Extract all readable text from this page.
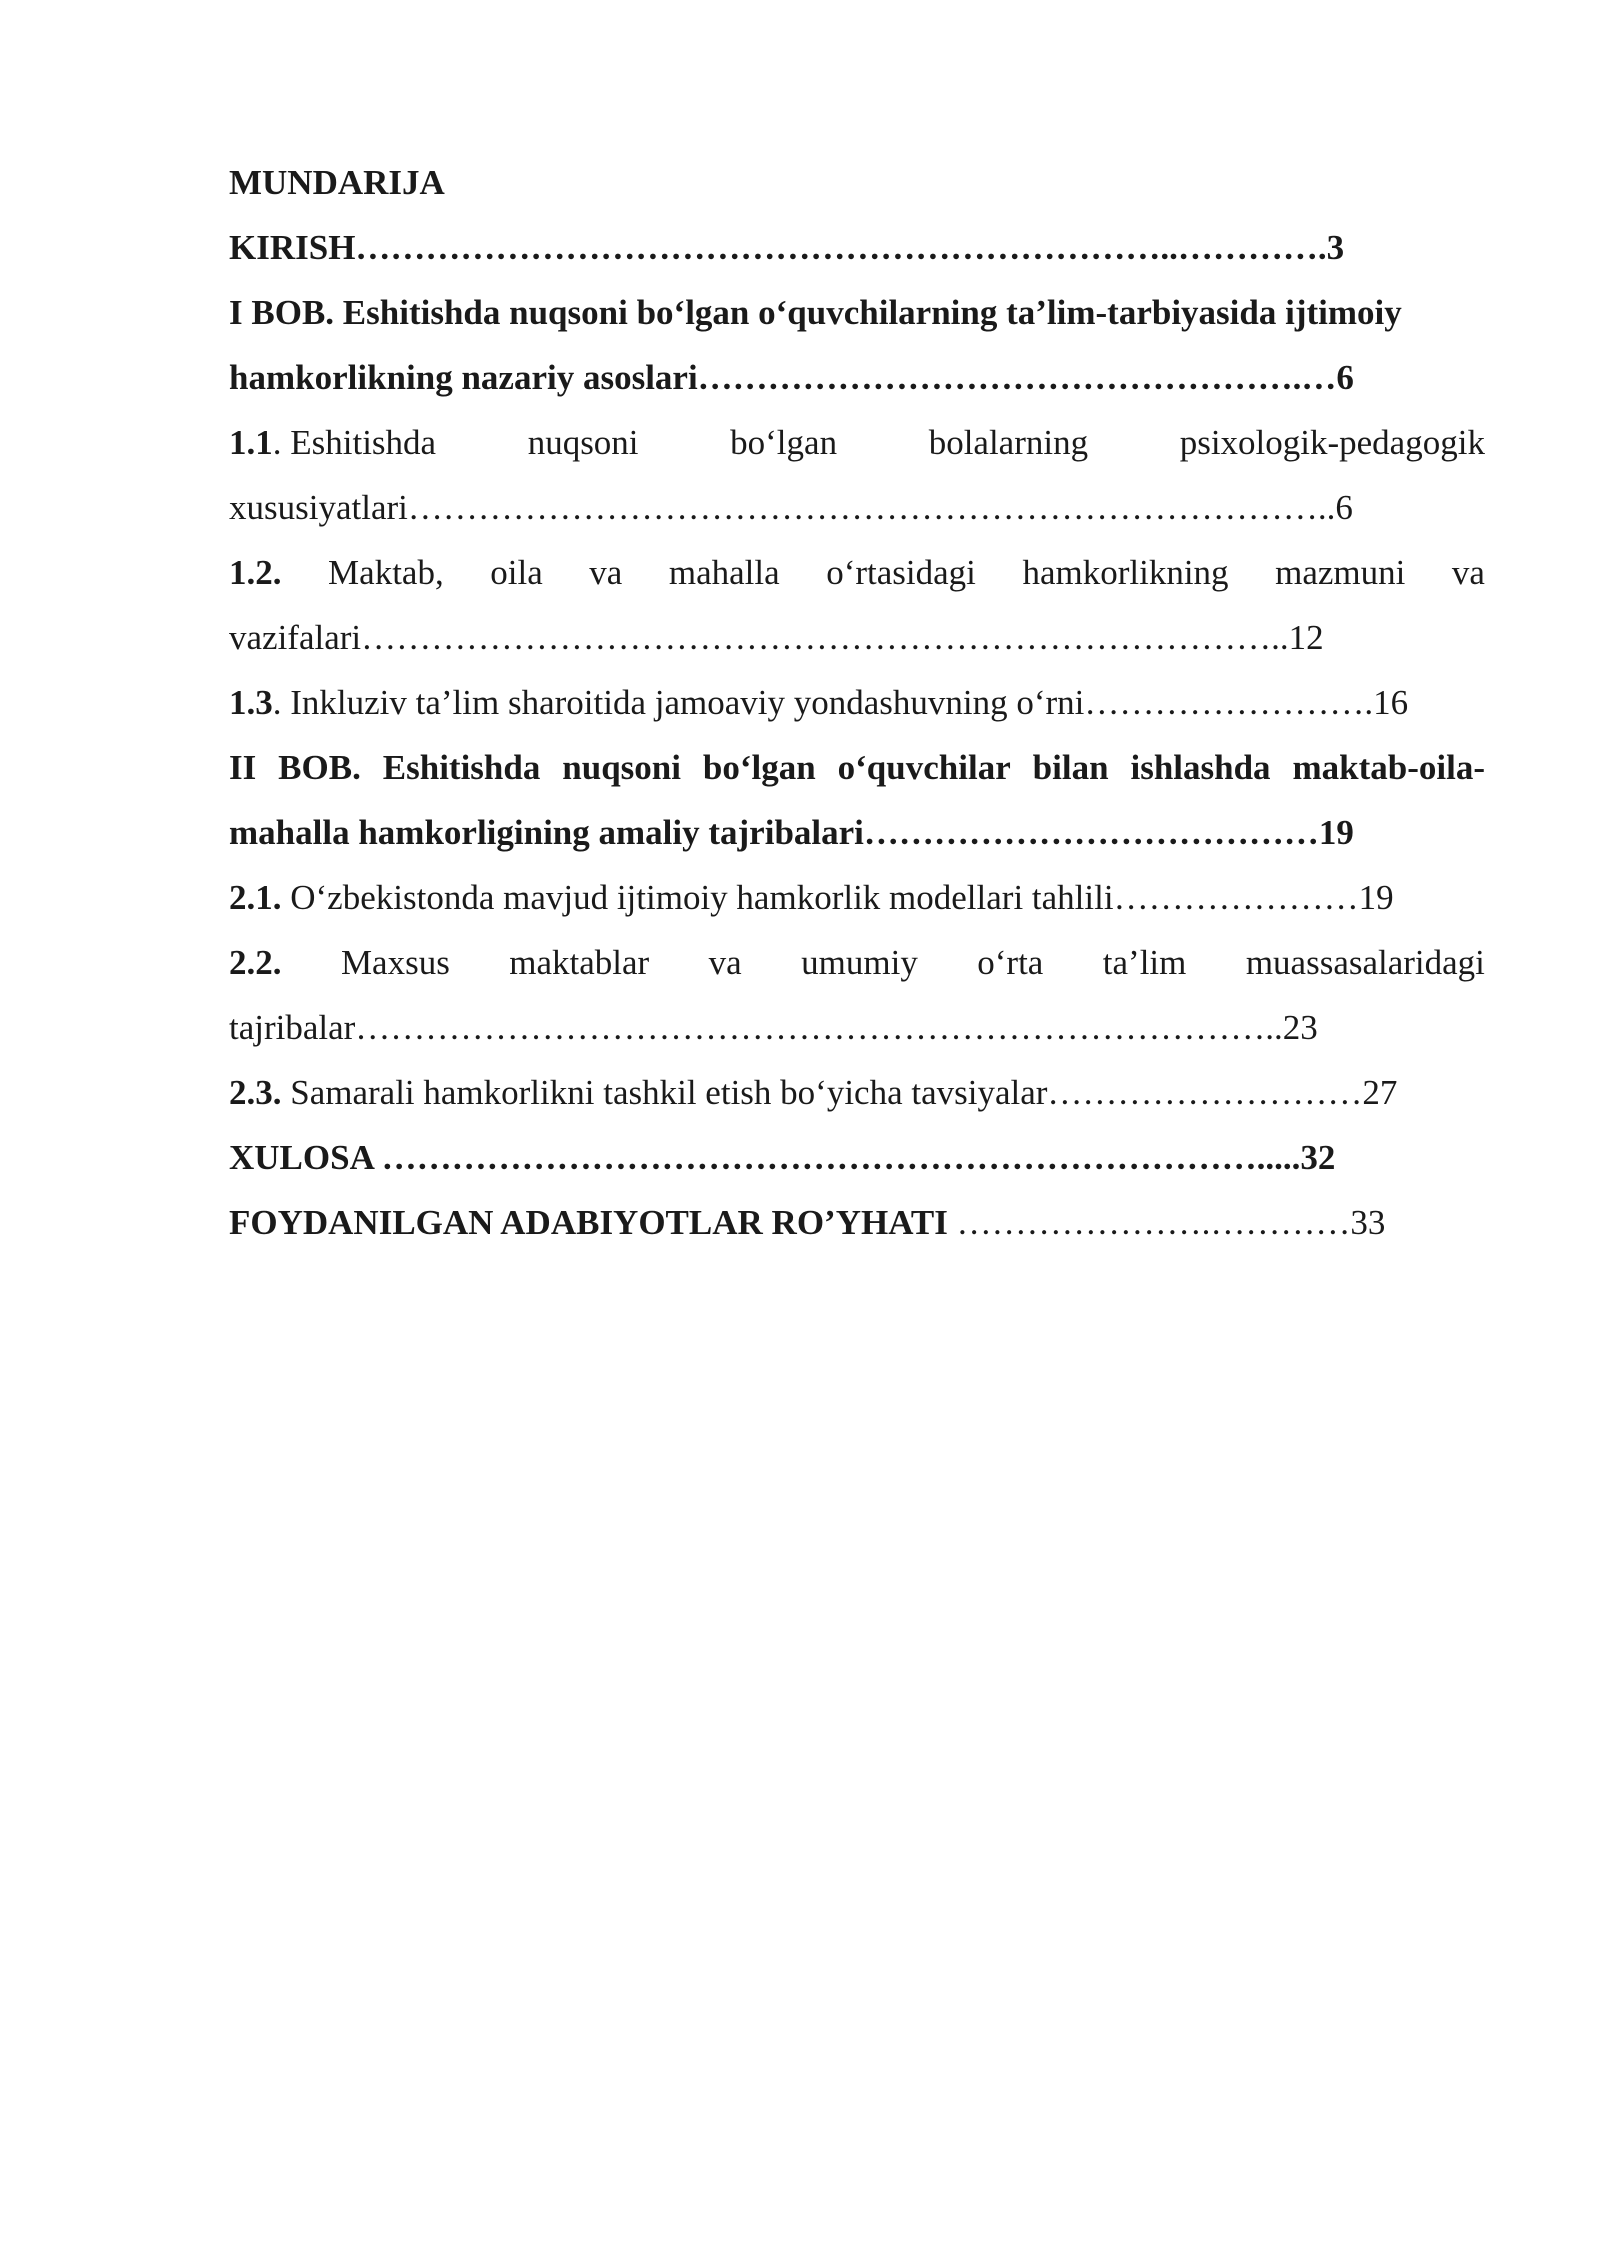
MUNDARIJA
KIRISH……………………………………………………………..………….3
I BOB. Eshitishda nuqsoni bo‘lgan o‘quvchilarning ta’lim-tarbiyasida ijtimoiy
hamkorlikning nazariy asoslari…………………………………………….…6
1.1. Eshitishda	nuqsoni	bo‘lgan	bolalarning	psixologik-pedagogik
xususiyatlari……………………………………………………………………..6
1.2. Maktab, oila va mahalla o‘rtasidagi hamkorlikning mazmuni va
vazifalari……………………………………………………………………..12
1.3. Inkluziv ta’lim sharoitida jamoaviy yondashuvning o‘rni…………………….16
II BOB. Eshitishda nuqsoni bo‘lgan o‘quvchilar bilan ishlashda maktab-oila-
mahalla hamkorligining amaliy tajribalari…………………………………19
2.1. O‘zbekistonda mavjud ijtimoiy hamkorlik modellari tahlili…………………19
2.2. Maxsus maktablar va umumiy o‘rta ta’lim muassasalaridagi
tajribalar……………………………………………………………………..23
2.3. Samarali hamkorlikni tashkil etish bo‘yicha tavsiyalar………………………27
XULOSA ………………………………………………………………….....32
FOYDANILGAN ADABIYOTLAR RO’YHATI ………………….…………33
